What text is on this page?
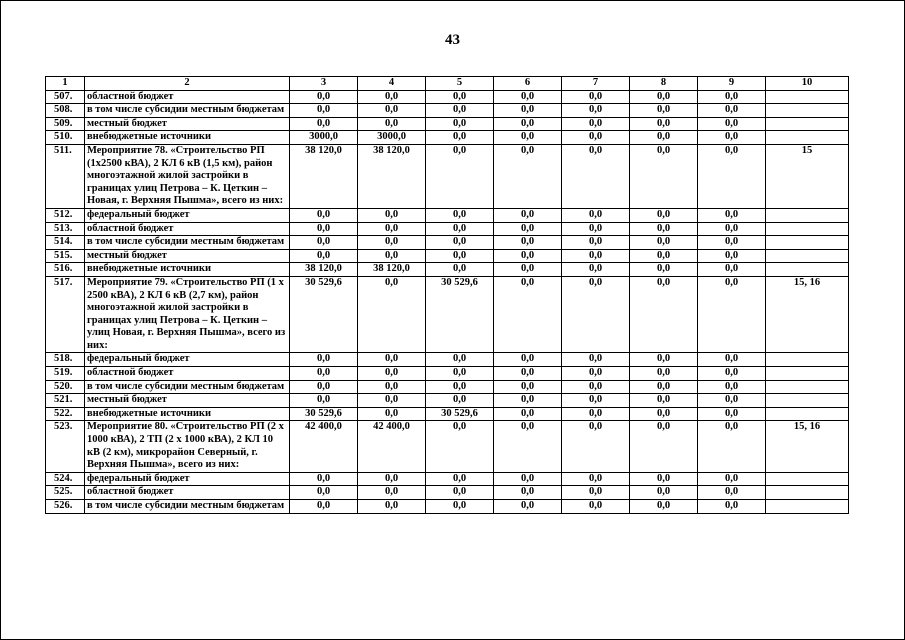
43
1	2	3	4	5	6	7	8	9	10
507.	областной бюджет	0,0	0,0	0,0	0,0	0,0	0,0	0,0	
508.	в том числе субсидии местным бюджетам	0,0	0,0	0,0	0,0	0,0	0,0	0,0	
509.	местный бюджет	0,0	0,0	0,0	0,0	0,0	0,0	0,0	
510.	внебюджетные источники	3000,0	3000,0	0,0	0,0	0,0	0,0	0,0	
511.	Мероприятие 78. «Строительство РП (1х2500 кВА), 2 КЛ 6 кВ (1,5 км), район многоэтажной жилой застройки в границах улиц Петрова – К. Цеткин – Новая, г. Верхняя Пышма», всего из них:	38 120,0	38 120,0	0,0	0,0	0,0	0,0	0,0	15
512.	федеральный бюджет	0,0	0,0	0,0	0,0	0,0	0,0	0,0	
513.	областной бюджет	0,0	0,0	0,0	0,0	0,0	0,0	0,0	
514.	в том числе субсидии местным бюджетам	0,0	0,0	0,0	0,0	0,0	0,0	0,0	
515.	местный бюджет	0,0	0,0	0,0	0,0	0,0	0,0	0,0	
516.	внебюджетные источники	38 120,0	38 120,0	0,0	0,0	0,0	0,0	0,0	
517.	Мероприятие 79. «Строительство РП (1 х 2500 кВА), 2 КЛ 6 кВ (2,7 км), район многоэтажной жилой застройки в границах улиц Петрова – К. Цеткин – улиц Новая, г. Верхняя Пышма», всего из них:	30 529,6	0,0	30 529,6	0,0	0,0	0,0	0,0	15, 16
518.	федеральный бюджет	0,0	0,0	0,0	0,0	0,0	0,0	0,0	
519.	областной бюджет	0,0	0,0	0,0	0,0	0,0	0,0	0,0	
520.	в том числе субсидии местным бюджетам	0,0	0,0	0,0	0,0	0,0	0,0	0,0	
521.	местный бюджет	0,0	0,0	0,0	0,0	0,0	0,0	0,0	
522.	внебюджетные источники	30 529,6	0,0	30 529,6	0,0	0,0	0,0	0,0	
523.	Мероприятие 80. «Строительство РП (2 х 1000 кВА), 2 ТП (2 х 1000 кВА), 2 КЛ 10 кВ (2 км), микрорайон Северный, г. Верхняя Пышма», всего из них:	42 400,0	42 400,0	0,0	0,0	0,0	0,0	0,0	15, 16
524.	федеральный бюджет	0,0	0,0	0,0	0,0	0,0	0,0	0,0	
525.	областной бюджет	0,0	0,0	0,0	0,0	0,0	0,0	0,0	
526.	в том числе субсидии местным бюджетам	0,0	0,0	0,0	0,0	0,0	0,0	0,0	
